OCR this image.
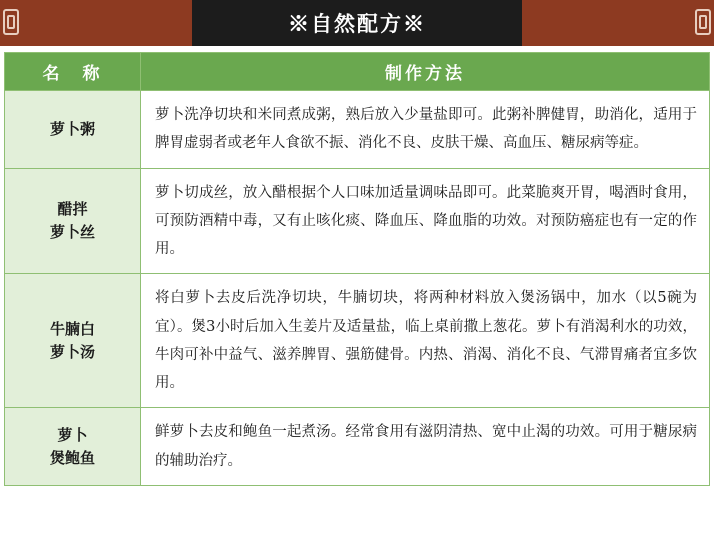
※自然配方※
名　称	制作方法

萝卜粥	萝卜洗净切块和米同煮成粥，熟后放入少量盐即可。此粥补脾健胃，助消化，适用于脾胃虚弱者或老年人食欲不振、消化不良、皮肤干燥、高血压、糖尿病等症。

醋拌
萝卜丝	萝卜切成丝，放入醋根据个人口味加适量调味品即可。此菜脆爽开胃，喝酒时食用，可预防酒精中毒，又有止咳化痰、降血压、降血脂的功效。对预防癌症也有一定的作用。

牛腩白
萝卜汤	将白萝卜去皮后洗净切块，牛腩切块，将两种材料放入煲汤锅中，加水（以5碗为宜）。煲3小时后加入生姜片及适量盐，临上桌前撒上葱花。萝卜有消渴利水的功效，牛肉可补中益气、滋养脾胃、强筋健骨。内热、消渴、消化不良、气滞胃痛者宜多饮用。

萝卜
煲鲍鱼	鲜萝卜去皮和鲍鱼一起煮汤。经常食用有滋阴清热、宽中止渴的功效。可用于糖尿病的辅助治疗。
